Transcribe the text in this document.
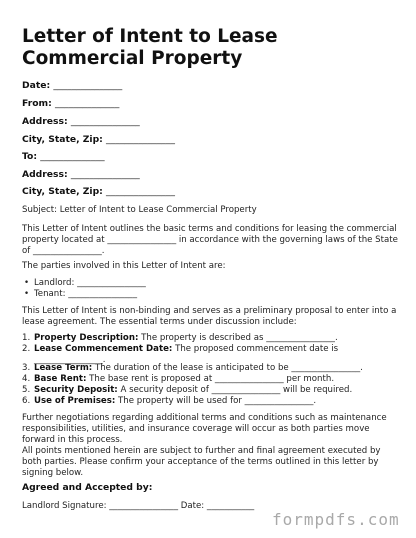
Letter of Intent to Lease Commercial Property
Date: _______________
From: ______________
Address: _______________
City, State, Zip: _______________
To: ______________
Address: _______________
City, State, Zip: _______________
Subject: Letter of Intent to Lease Commercial Property
This Letter of Intent outlines the basic terms and conditions for leasing the commercial property located at ________________ in accordance with the governing laws of the State of ________________.
The parties involved in this Letter of Intent are:
• Landlord: ________________
• Tenant: ________________
This Letter of Intent is non-binding and serves as a preliminary proposal to enter into a lease agreement. The essential terms under discussion include:
1. Property Description: The property is described as ________________.
2. Lease Commencement Date: The proposed commencement date is ________________.
3. Lease Term: The duration of the lease is anticipated to be ________________.
4. Base Rent: The base rent is proposed at ________________ per month.
5. Security Deposit: A security deposit of ________________ will be required.
6. Use of Premises: The property will be used for ________________.
Further negotiations regarding additional terms and conditions such as maintenance responsibilities, utilities, and insurance coverage will occur as both parties move forward in this process.
All points mentioned herein are subject to further and final agreement executed by both parties. Please confirm your acceptance of the terms outlined in this letter by signing below.
Agreed and Accepted by:
Landlord Signature: ________________ Date: ___________
formpdfs.com
